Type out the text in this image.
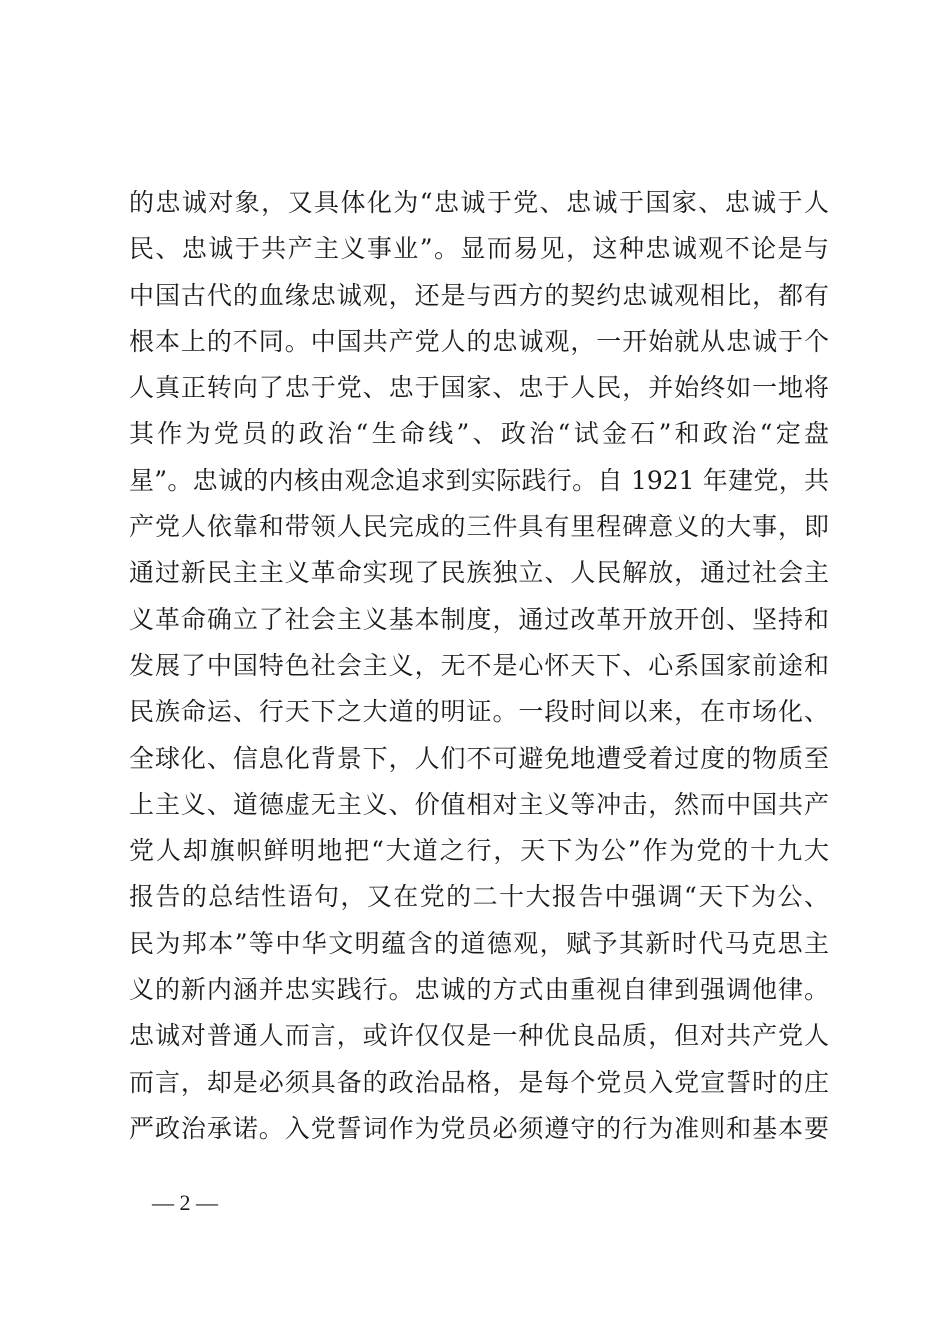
的忠诚对象，又具体化为“忠诚于党、忠诚于国家、忠诚于人
民、忠诚于共产主义事业”。显而易见，这种忠诚观不论是与
中国古代的血缘忠诚观，还是与西方的契约忠诚观相比，都有
根本上的不同。中国共产党人的忠诚观，一开始就从忠诚于个
人真正转向了忠于党、忠于国家、忠于人民，并始终如一地将
其作为党员的政治“生命线”、政治“试金石”和政治“定盘
星”。忠诚的内核由观念追求到实际践行。自 1921 年建党，共
产党人依靠和带领人民完成的三件具有里程碑意义的大事，即
通过新民主主义革命实现了民族独立、人民解放，通过社会主
义革命确立了社会主义基本制度，通过改革开放开创、坚持和
发展了中国特色社会主义，无不是心怀天下、心系国家前途和
民族命运、行天下之大道的明证。一段时间以来，在市场化、
全球化、信息化背景下，人们不可避免地遭受着过度的物质至
上主义、道德虚无主义、价值相对主义等冲击，然而中国共产
党人却旗帜鲜明地把“大道之行，天下为公”作为党的十九大
报告的总结性语句，又在党的二十大报告中强调“天下为公、
民为邦本”等中华文明蕴含的道德观，赋予其新时代马克思主
义的新内涵并忠实践行。忠诚的方式由重视自律到强调他律。
忠诚对普通人而言，或许仅仅是一种优良品质，但对共产党人
而言，却是必须具备的政治品格，是每个党员入党宣誓时的庄
严政治承诺。入党誓词作为党员必须遵守的行为准则和基本要
— 2 —
